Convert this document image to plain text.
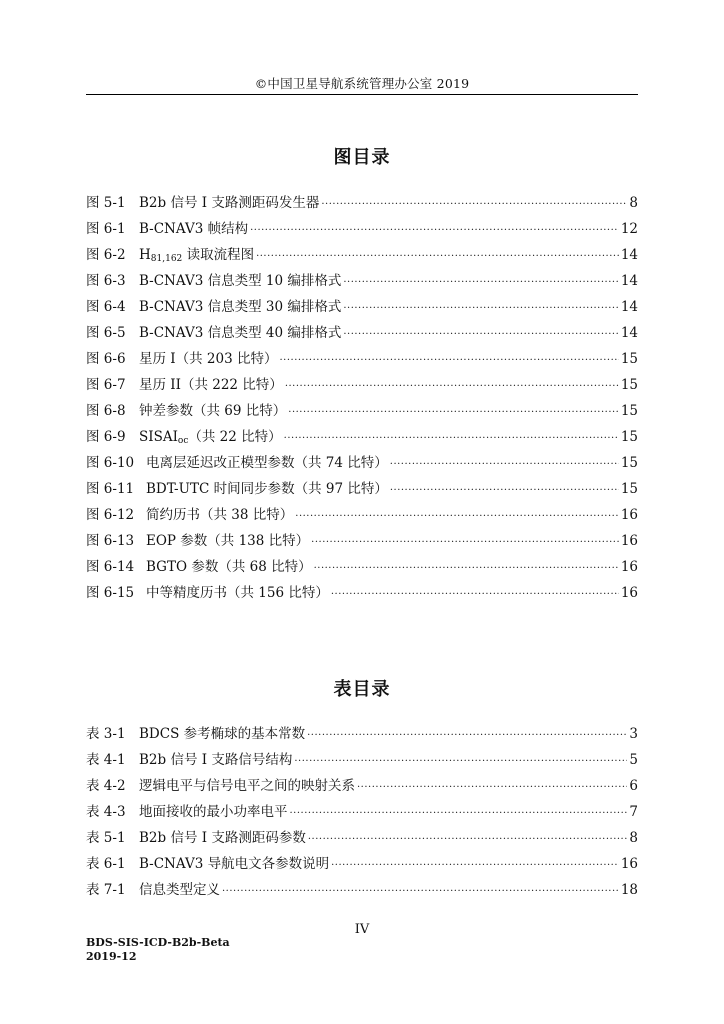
©中国卫星导航系统管理办公室 2019
图目录
图 5-1 B2b 信号 I 支路测距码发生器 ·····	8
图 6-1 B-CNAV3 帧结构 ·····	12
图 6-2 $H_{81,162}$ 读取流程图 ·····	14
图 6-3 B-CNAV3 信息类型 10 编排格式 ·····	14
图 6-4 B-CNAV3 信息类型 30 编排格式 ·····	14
图 6-5 B-CNAV3 信息类型 40 编排格式 ·····	14
图 6-6 星历 I（共 203 比特） ·····	15
图 6-7 星历 II（共 222 比特） ·····	15
图 6-8 钟差参数（共 69 比特） ·····	15
图 6-9 $SISAI_{oc}$（共 22 比特） ·····	15
图 6-10 电离层延迟改正模型参数（共 74 比特） ·····	15
图 6-11 BDT-UTC 时间同步参数（共 97 比特） ·····	15
图 6-12 简约历书（共 38 比特） ·····	16
图 6-13 EOP 参数（共 138 比特） ·····	16
图 6-14 BGTO 参数（共 68 比特） ·····	16
图 6-15 中等精度历书（共 156 比特） ·····	16
表目录
表 3-1 BDCS 参考椭球的基本常数 ·····	3
表 4-1 B2b 信号 I 支路信号结构 ·····	5
表 4-2 逻辑电平与信号电平之间的映射关系 ·····	6
表 4-3 地面接收的最小功率电平 ·····	7
表 5-1 B2b 信号 I 支路测距码参数 ·····	8
表 6-1 B-CNAV3 导航电文各参数说明 ·····	16
表 7-1 信息类型定义 ·····	18
IV
BDS-SIS-ICD-B2b-Beta
2019-12
